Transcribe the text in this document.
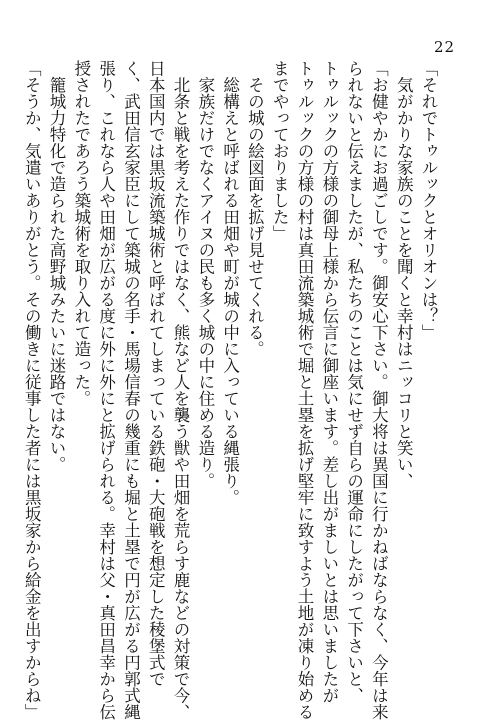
22
「それでトゥルックとオリオンは？」
　気がかりな家族のことを聞くと幸村はニッコリと笑い、
「お健やかにお過ごしです。御安心下さい。御大将は異国に行かねばならなく、今年は来
られないと伝えましたが、私たちのことは気にせず自らの運命にしたがって下さいと、
トゥルックの方様の御母上様から伝言に御座います。差し出がましいとは思いましたが
トゥルックの方様の村は真田流築城術で堀と土塁を拡げ堅牢に致すよう土地が凍り始める
までやっておりました」
　その城の絵図面を拡げ見せてくれる。
　総構えと呼ばれる田畑や町が城の中に入っている縄張り。
　家族だけでなくアイヌの民も多く城の中に住める造り。
　北条と戦を考えた作りではなく、熊など人を襲う獣や田畑を荒らす鹿などの対策で今、
日本国内では黒坂流築城術と呼ばれてしまっている鉄砲・大砲戦を想定した稜堡式で
く、武田信玄家臣にして築城の名手・馬場信春の幾重にも堀と土塁で円が広がる円郭式縄
張り、これなら人や田畑が広がる度に外に外にと拡げられる。幸村は父・真田昌幸から伝
授されたであろう築城術を取り入れて造った。
　籠城力特化で造られた高野城みたいに迷路ではない。
「そうか、気遣いありがとう。その働きに従事した者には黒坂家から給金を出すからね」
